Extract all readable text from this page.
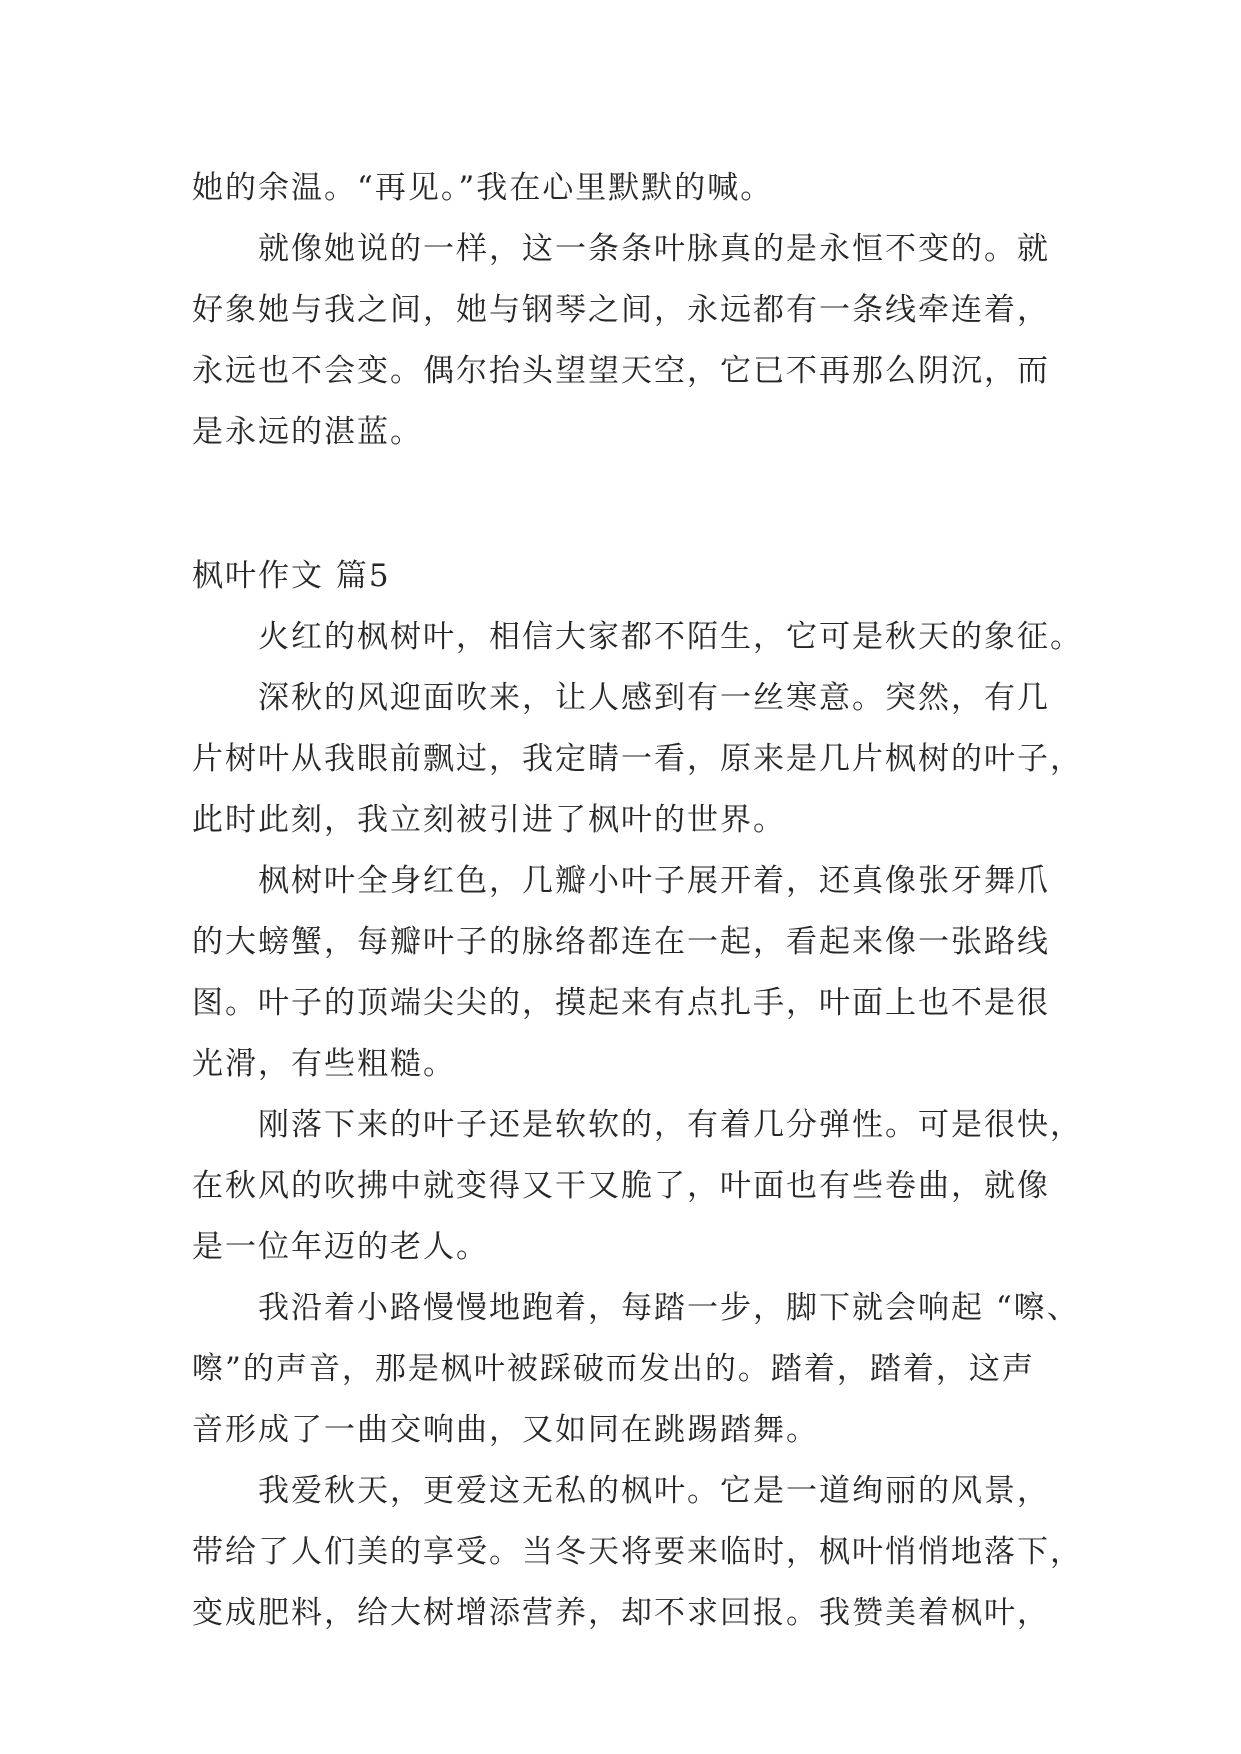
她的余温。“再见。”我在心里默默的喊。
就像她说的一样，这一条条叶脉真的是永恒不变的。就
好象她与我之间，她与钢琴之间，永远都有一条线牵连着，
永远也不会变。偶尔抬头望望天空，它已不再那么阴沉，而
是永远的湛蓝。
枫叶作文 篇5
火红的枫树叶，相信大家都不陌生，它可是秋天的象征。
深秋的风迎面吹来，让人感到有一丝寒意。突然，有几
片树叶从我眼前飘过，我定睛一看，原来是几片枫树的叶子，
此时此刻，我立刻被引进了枫叶的世界。
枫树叶全身红色，几瓣小叶子展开着，还真像张牙舞爪
的大螃蟹，每瓣叶子的脉络都连在一起，看起来像一张路线
图。叶子的顶端尖尖的，摸起来有点扎手，叶面上也不是很
光滑，有些粗糙。
刚落下来的叶子还是软软的，有着几分弹性。可是很快，
在秋风的吹拂中就变得又干又脆了，叶面也有些卷曲，就像
是一位年迈的老人。
我沿着小路慢慢地跑着，每踏一步，脚下就会响起 “嚓、
嚓”的声音，那是枫叶被踩破而发出的。踏着，踏着，这声
音形成了一曲交响曲，又如同在跳踢踏舞。
我爱秋天，更爱这无私的枫叶。它是一道绚丽的风景，
带给了人们美的享受。当冬天将要来临时，枫叶悄悄地落下，
变成肥料，给大树增添营养，却不求回报。我赞美着枫叶，
